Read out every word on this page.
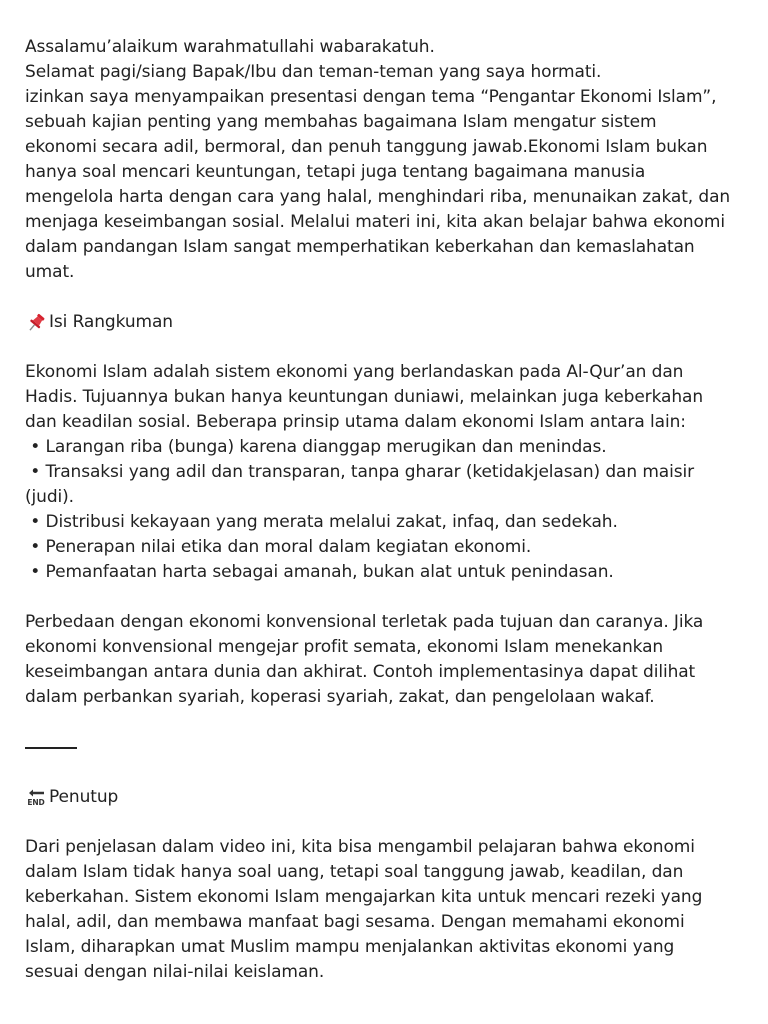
Assalamu’alaikum warahmatullahi wabarakatuh.
Selamat pagi/siang Bapak/Ibu dan teman-teman yang saya hormati.
izinkan saya menyampaikan presentasi dengan tema “Pengantar Ekonomi Islam”,
sebuah kajian penting yang membahas bagaimana Islam mengatur sistem
ekonomi secara adil, bermoral, dan penuh tanggung jawab.Ekonomi Islam bukan
hanya soal mencari keuntungan, tetapi juga tentang bagaimana manusia
mengelola harta dengan cara yang halal, menghindari riba, menunaikan zakat, dan
menjaga keseimbangan sosial. Melalui materi ini, kita akan belajar bahwa ekonomi
dalam pandangan Islam sangat memperhatikan keberkahan dan kemaslahatan
umat.

Isi Rangkuman

Ekonomi Islam adalah sistem ekonomi yang berlandaskan pada Al-Qur’an dan
Hadis. Tujuannya bukan hanya keuntungan duniawi, melainkan juga keberkahan
dan keadilan sosial. Beberapa prinsip utama dalam ekonomi Islam antara lain:

• Larangan riba (bunga) karena dianggap merugikan dan menindas.
• Transaksi yang adil dan transparan, tanpa gharar (ketidakjelasan) dan maisir
(judi).
• Distribusi kekayaan yang merata melalui zakat, infaq, dan sedekah.
• Penerapan nilai etika dan moral dalam kegiatan ekonomi.
• Pemanfaatan harta sebagai amanah, bukan alat untuk penindasan.

Perbedaan dengan ekonomi konvensional terletak pada tujuan dan caranya. Jika
ekonomi konvensional mengejar profit semata, ekonomi Islam menekankan
keseimbangan antara dunia dan akhirat. Contoh implementasinya dapat dilihat
dalam perbankan syariah, koperasi syariah, zakat, dan pengelolaan wakaf.

END Penutup

Dari penjelasan dalam video ini, kita bisa mengambil pelajaran bahwa ekonomi
dalam Islam tidak hanya soal uang, tetapi soal tanggung jawab, keadilan, dan
keberkahan. Sistem ekonomi Islam mengajarkan kita untuk mencari rezeki yang
halal, adil, dan membawa manfaat bagi sesama. Dengan memahami ekonomi
Islam, diharapkan umat Muslim mampu menjalankan aktivitas ekonomi yang
sesuai dengan nilai-nilai keislaman.
